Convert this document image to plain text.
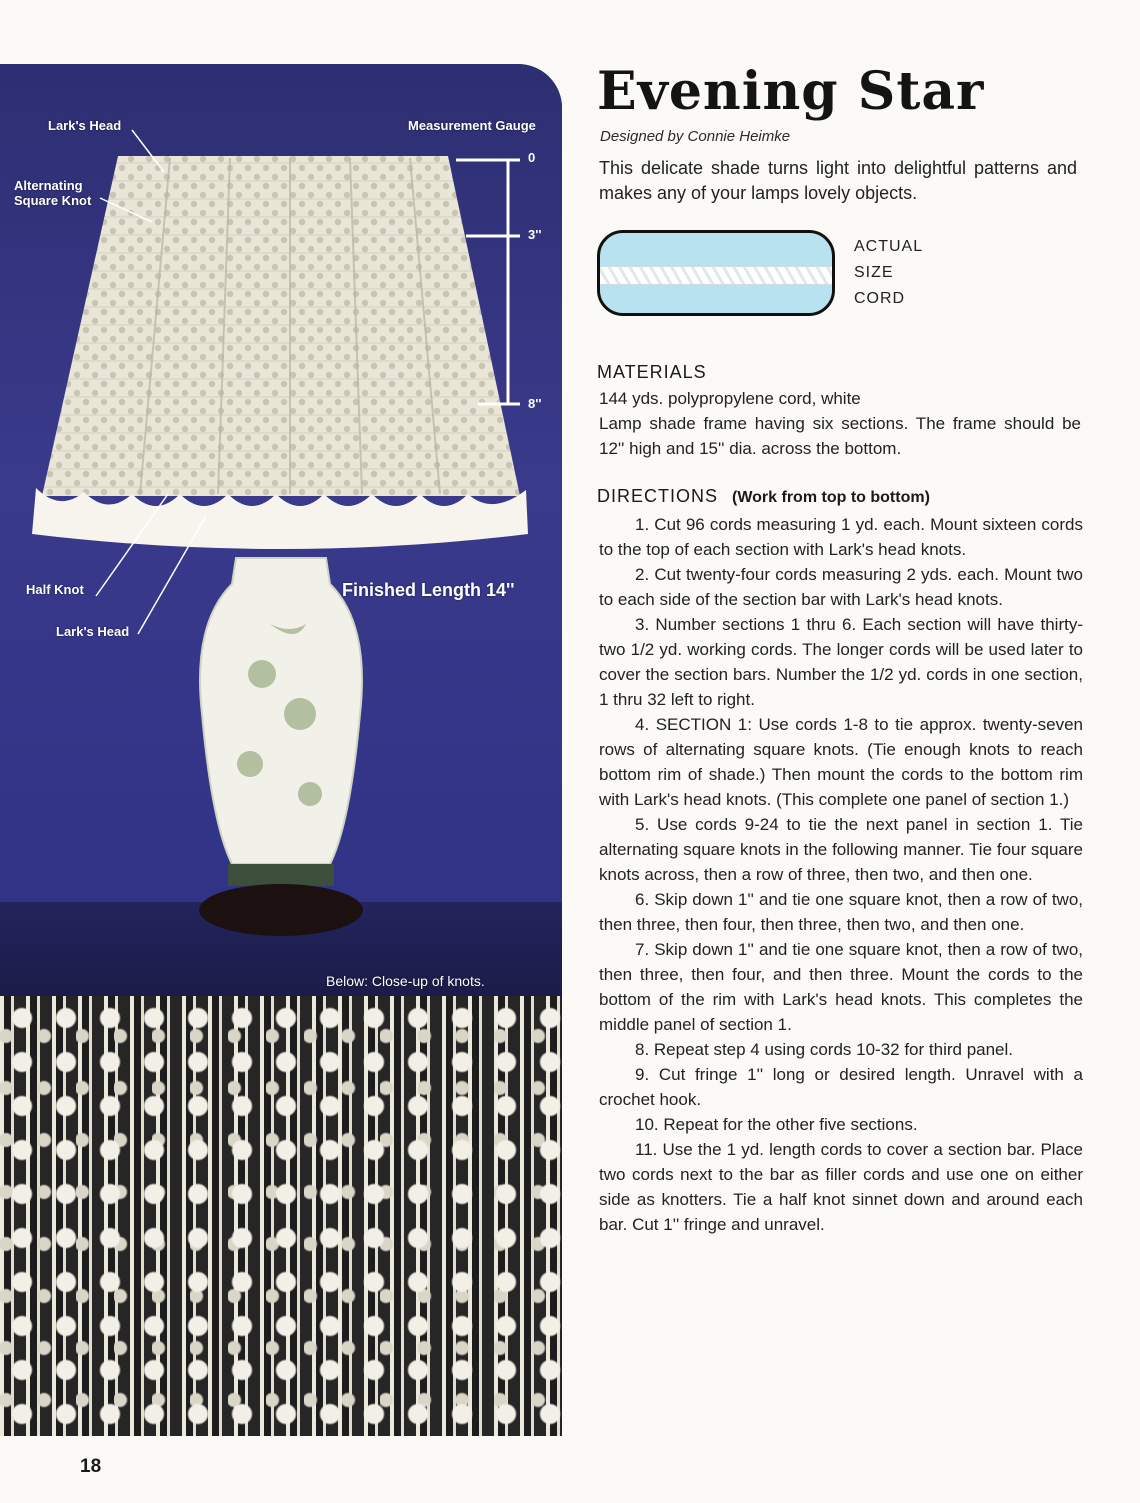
Lark's Head	Measurement Gauge
Alternating Square Knot
0
3''
8''
Half Knot	Finished Length 14''
Lark's Head
Below: Close-up of knots.
Evening Star

Designed by Connie Heimke

This delicate shade turns light into delightful patterns and makes any of your lamps lovely objects.

ACTUAL
SIZE
CORD

MATERIALS

144 yds. polypropylene cord, white
Lamp shade frame having six sections. The frame should be 12'' high and 15'' dia. across the bottom.

DIRECTIONS (Work from top to bottom)
1. Cut 96 cords measuring 1 yd. each. Mount sixteen cords to the top of each section with Lark's head knots.
2. Cut twenty-four cords measuring 2 yds. each. Mount two to each side of the section bar with Lark's head knots.
3. Number sections 1 thru 6. Each section will have thirty-two 1/2 yd. working cords. The longer cords will be used later to cover the section bars. Number the 1/2 yd. cords in one section, 1 thru 32 left to right.
4. SECTION 1: Use cords 1-8 to tie approx. twenty-seven rows of alternating square knots. (Tie enough knots to reach bottom rim of shade.) Then mount the cords to the bottom rim with Lark's head knots. (This complete one panel of section 1.)
5. Use cords 9-24 to tie the next panel in section 1. Tie alternating square knots in the following manner. Tie four square knots across, then a row of three, then two, and then one.
6. Skip down 1'' and tie one square knot, then a row of two, then three, then four, then three, then two, and then one.
7. Skip down 1'' and tie one square knot, then a row of two, then three, then four, and then three. Mount the cords to the bottom of the rim with Lark's head knots. This completes the middle panel of section 1.
8. Repeat step 4 using cords 10-32 for third panel.
9. Cut fringe 1'' long or desired length. Unravel with a crochet hook.
10. Repeat for the other five sections.
11. Use the 1 yd. length cords to cover a section bar. Place two cords next to the bar as filler cords and use one on either side as knotters. Tie a half knot sinnet down and around each bar. Cut 1'' fringe and unravel.

18
